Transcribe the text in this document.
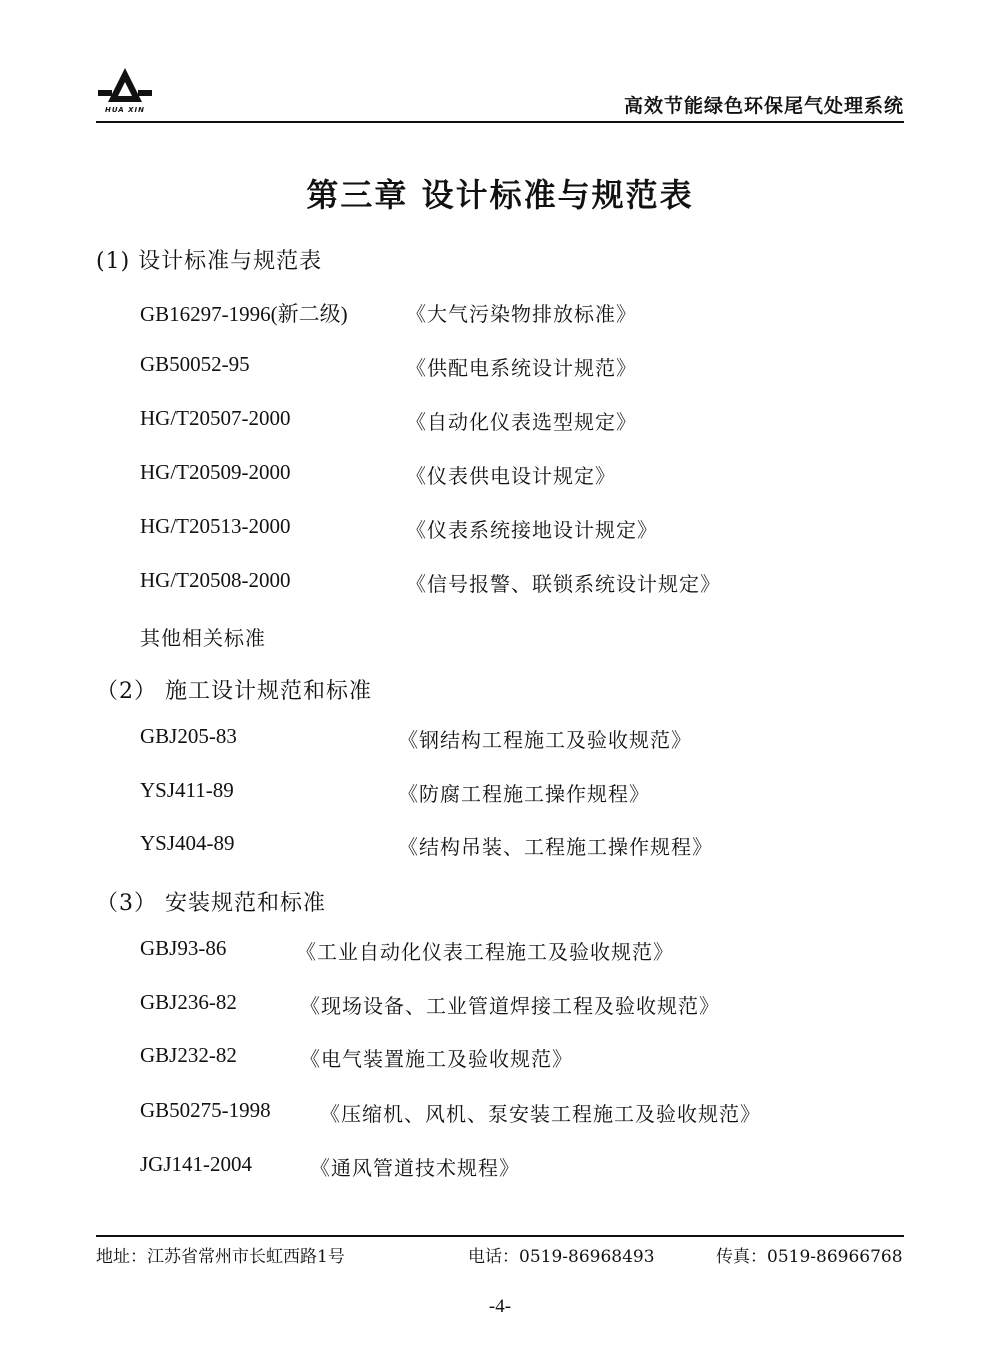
HUA XIN	高效节能绿色环保尾气处理系统
第三章 设计标准与规范表
(1) 设计标准与规范表
GB16297-1996(新二级)	《大气污染物排放标准》
GB50052-95	《供配电系统设计规范》
HG/T20507-2000	《自动化仪表选型规定》
HG/T20509-2000	《仪表供电设计规定》
HG/T20513-2000	《仪表系统接地设计规定》
HG/T20508-2000	《信号报警、联锁系统设计规定》
其他相关标准
（2） 施工设计规范和标准
GBJ205-83	《钢结构工程施工及验收规范》
YSJ411-89	《防腐工程施工操作规程》
YSJ404-89	《结构吊装、工程施工操作规程》
（3） 安装规范和标准
GBJ93-86	《工业自动化仪表工程施工及验收规范》
GBJ236-82	《现场设备、工业管道焊接工程及验收规范》
GBJ232-82	《电气装置施工及验收规范》
GB50275-1998 《压缩机、风机、泵安装工程施工及验收规范》
JGJ141-2004	《通风管道技术规程》
地址：江苏省常州市长虹西路1号	电话：0519-86968493	传真：0519-86966768
-4-
